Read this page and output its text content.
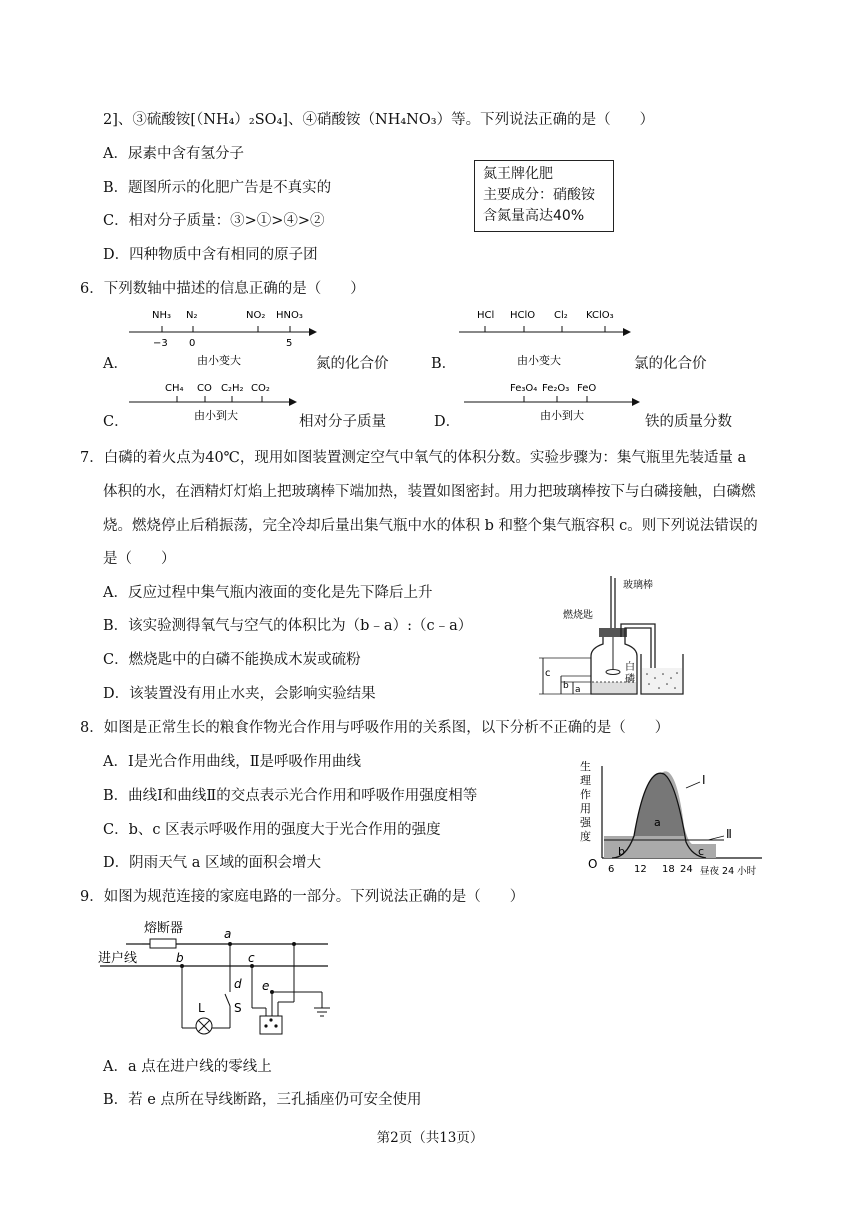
2]、③硫酸铵[（NH₄）₂SO₄]、④硝酸铵（NH₄NO₃）等。下列说法正确的是（　　）
A．尿素中含有氢分子
B．题图所示的化肥广告是不真实的
C．相对分子质量：③>①>④>②
D．四种物质中含有相同的原子团
氮王牌化肥
主要成分：硝酸铵
含氮量高达40%
6．下列数轴中描述的信息正确的是（　　）
A．
NH₃ N₂	NO₂ HNO₃
−3 0	5
由小变大	氮的化合价	B．
HCl HClO Cl₂ KClO₃
由小变大	氯的化合价
C．
CH₄ CO C₂H₂ CO₂
由小到大	相对分子质量	D．
Fe₃O₄ Fe₂O₃ FeO
由小到大	铁的质量分数
7．白磷的着火点为40℃，现用如图装置测定空气中氧气的体积分数。实验步骤为：集气瓶里先装适量 a
体积的水，在酒精灯灯焰上把玻璃棒下端加热，装置如图密封。用力把玻璃棒按下与白磷接触，白磷燃
烧。燃烧停止后稍振荡，完全冷却后量出集气瓶中水的体积 b 和整个集气瓶容积 c。则下列说法错误的
是（　　）
A．反应过程中集气瓶内液面的变化是先下降后上升
B．该实验测得氧气与空气的体积比为（b﹣a）:（c﹣a）
C．燃烧匙中的白磷不能换成木炭或硫粉
D．该装置没有用止水夹，会影响实验结果
燃烧匙
玻璃棒
白
磷
c
b a
8．如图是正常生长的粮食作物光合作用与呼吸作用的关系图，以下分析不正确的是（　　）
A．Ⅰ是光合作用曲线，Ⅱ是呼吸作用曲线
B．曲线Ⅰ和曲线Ⅱ的交点表示光合作用和呼吸作用强度相等
C．b、c 区表示呼吸作用的强度大于光合作用的强度
D．阴雨天气 a 区域的面积会增大
生
理
作
用
强
度
O 6 12 18 24 昼夜 24 小时
Ⅰ
Ⅱ
a
b	c
9．如图为规范连接的家庭电路的一部分。下列说法正确的是（　　）
熔断器
进户线
a
b	c
d e
L S
A．a 点在进户线的零线上
B．若 e 点所在导线断路，三孔插座仍可安全使用
第2页（共13页）
